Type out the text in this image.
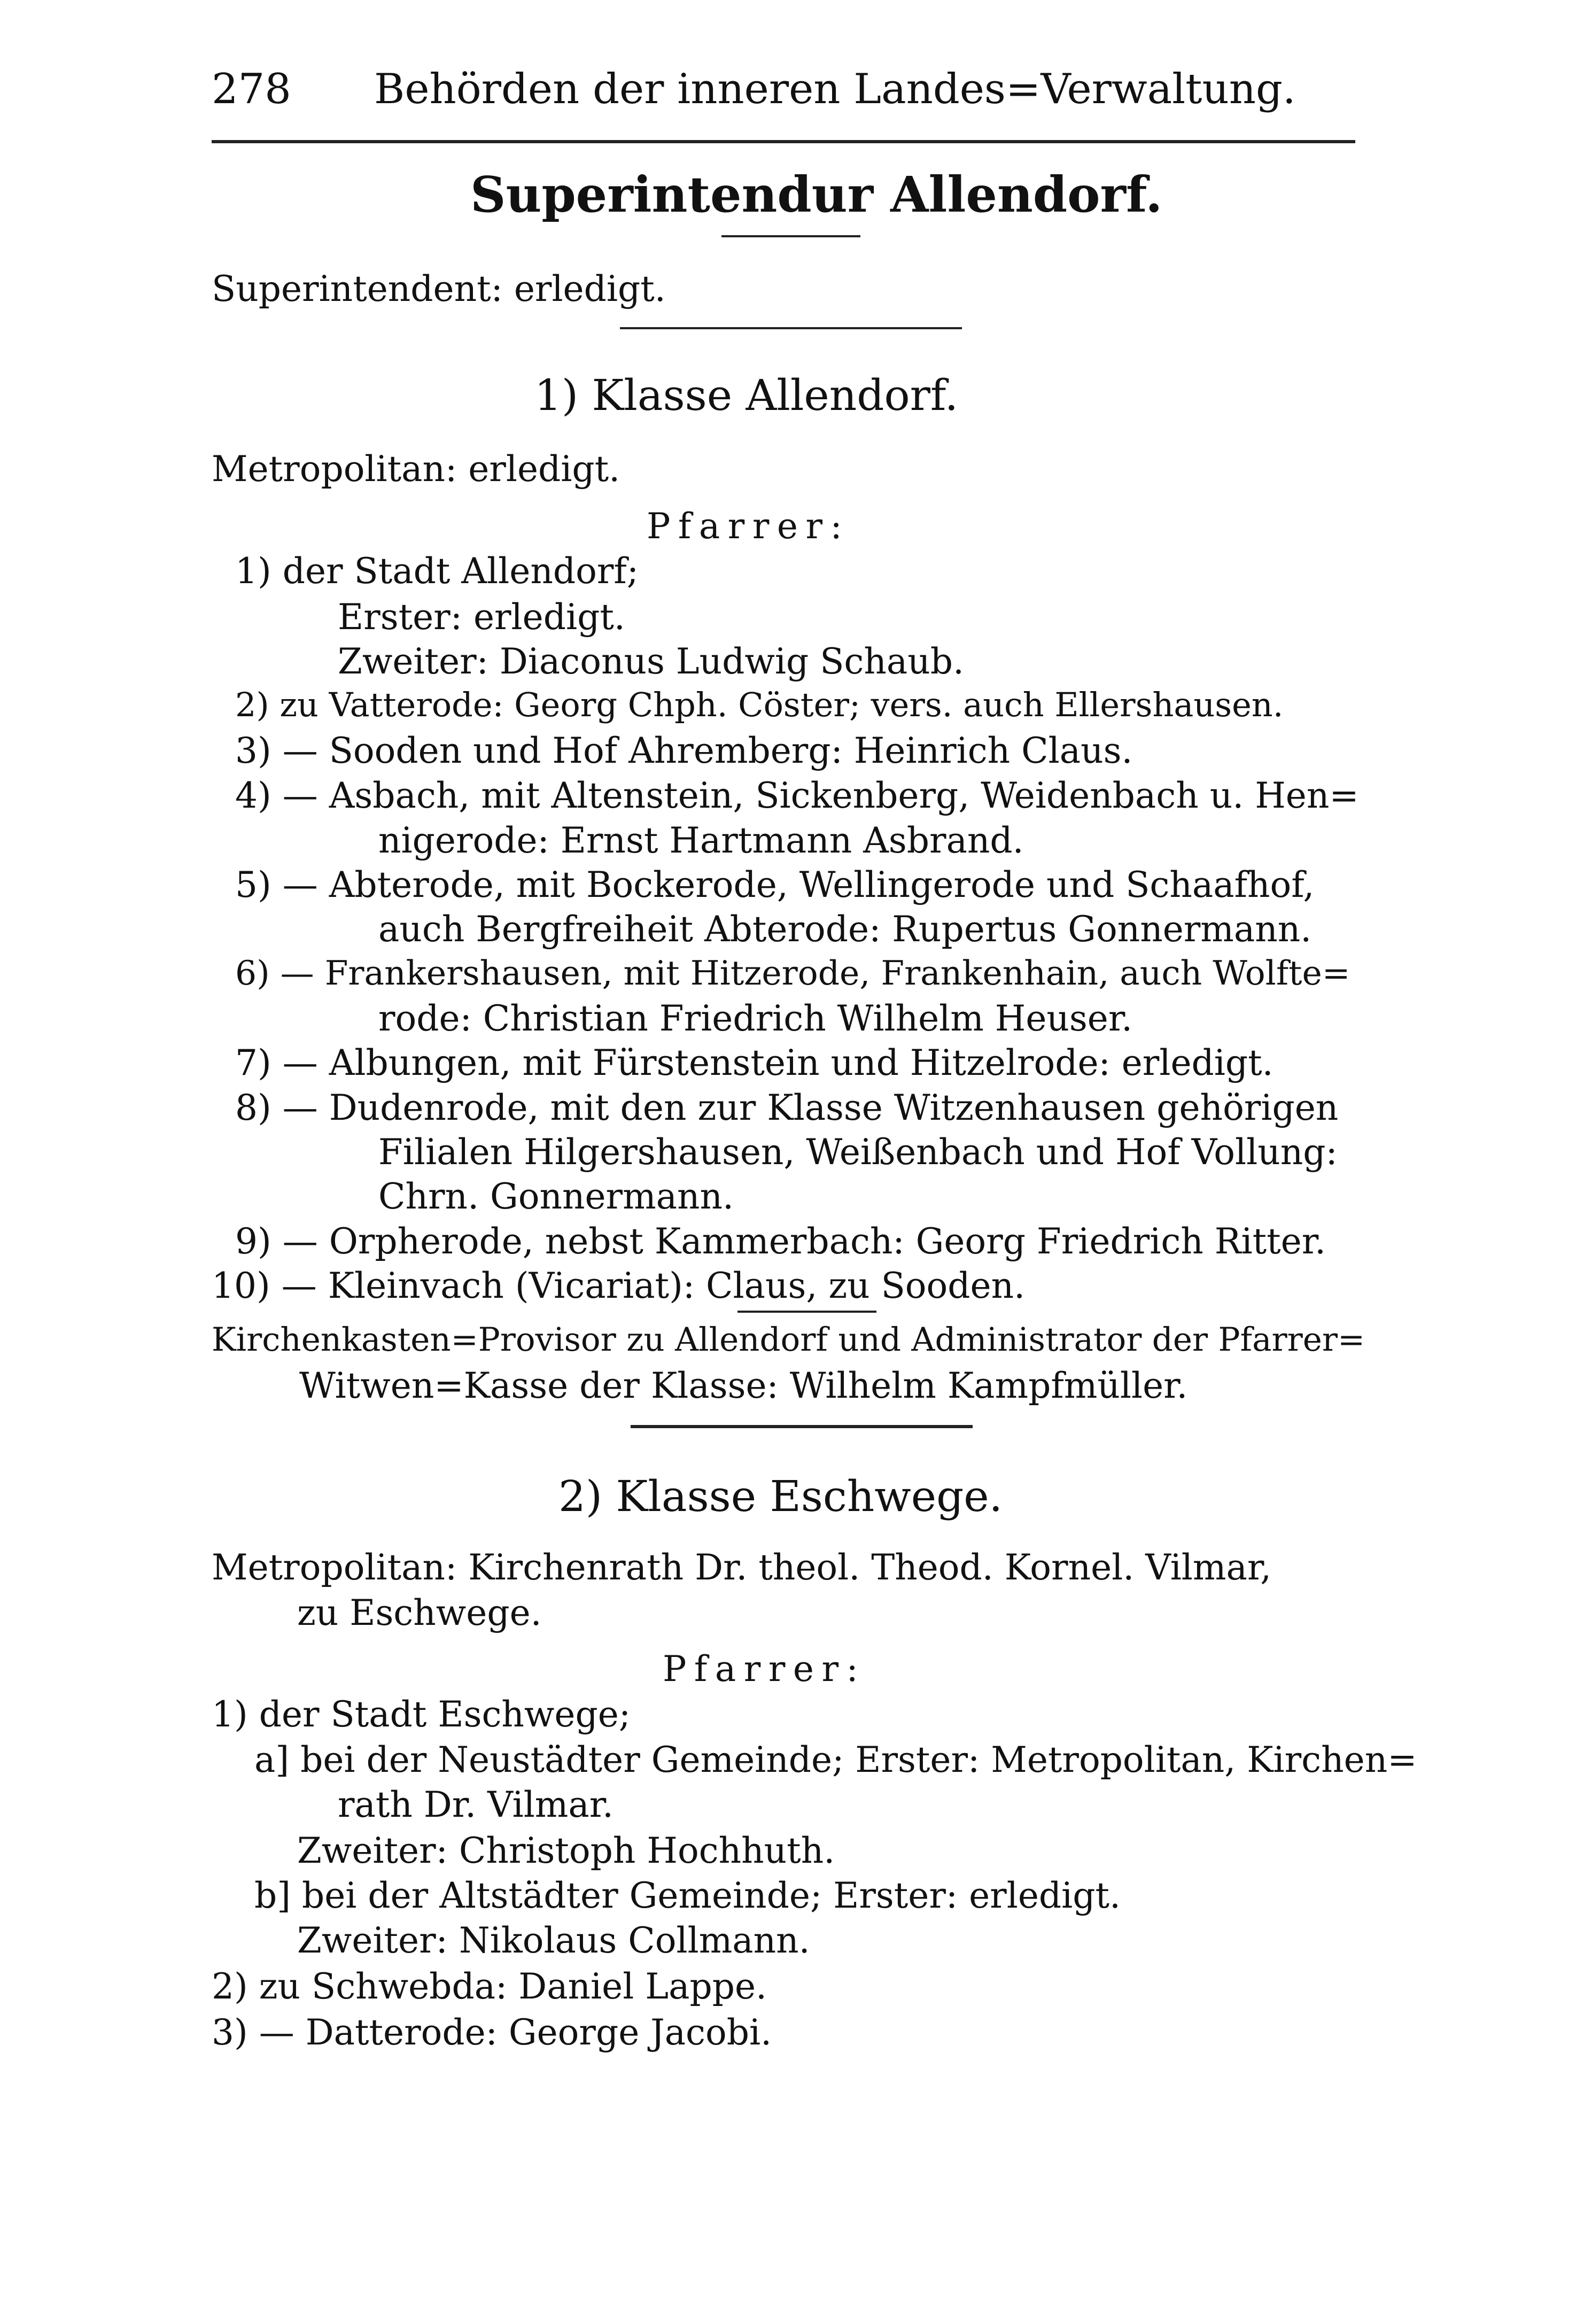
278 Behörden der inneren Landes=Verwaltung.
Superintendur Allendorf.
Superintendent: erledigt.
1) Klasse Allendorf.
Metropolitan: erledigt.
Pfarrer:
1) der Stadt Allendorf;
Erster: erledigt.
Zweiter: Diaconus Ludwig Schaub.
2) zu Vatterode: Georg Chph. Cöster; vers. auch Ellershausen.
3) — Sooden und Hof Ahremberg: Heinrich Claus.
4) — Asbach, mit Altenstein, Sickenberg, Weidenbach u. Hen=
nigerode: Ernst Hartmann Asbrand.
5) — Abterode, mit Bockerode, Wellingerode und Schaafhof,
auch Bergfreiheit Abterode: Rupertus Gonnermann.
6) — Frankershausen, mit Hitzerode, Frankenhain, auch Wolfte=
rode: Christian Friedrich Wilhelm Heuser.
7) — Albungen, mit Fürstenstein und Hitzelrode: erledigt.
8) — Dudenrode, mit den zur Klasse Witzenhausen gehörigen
Filialen Hilgershausen, Weißenbach und Hof Vollung:
Chrn. Gonnermann.
9) — Orpherode, nebst Kammerbach: Georg Friedrich Ritter.
10) — Kleinvach (Vicariat): Claus, zu Sooden.
Kirchenkasten=Provisor zu Allendorf und Administrator der Pfarrer=
Witwen=Kasse der Klasse: Wilhelm Kampfmüller.
2) Klasse Eschwege.
Metropolitan: Kirchenrath Dr. theol. Theod. Kornel. Vilmar,
zu Eschwege.
Pfarrer:
1) der Stadt Eschwege;
a] bei der Neustädter Gemeinde; Erster: Metropolitan, Kirchen=
rath Dr. Vilmar.
Zweiter: Christoph Hochhuth.
b] bei der Altstädter Gemeinde; Erster: erledigt.
Zweiter: Nikolaus Collmann.
2) zu Schwebda: Daniel Lappe.
3) — Datterode: George Jacobi.
